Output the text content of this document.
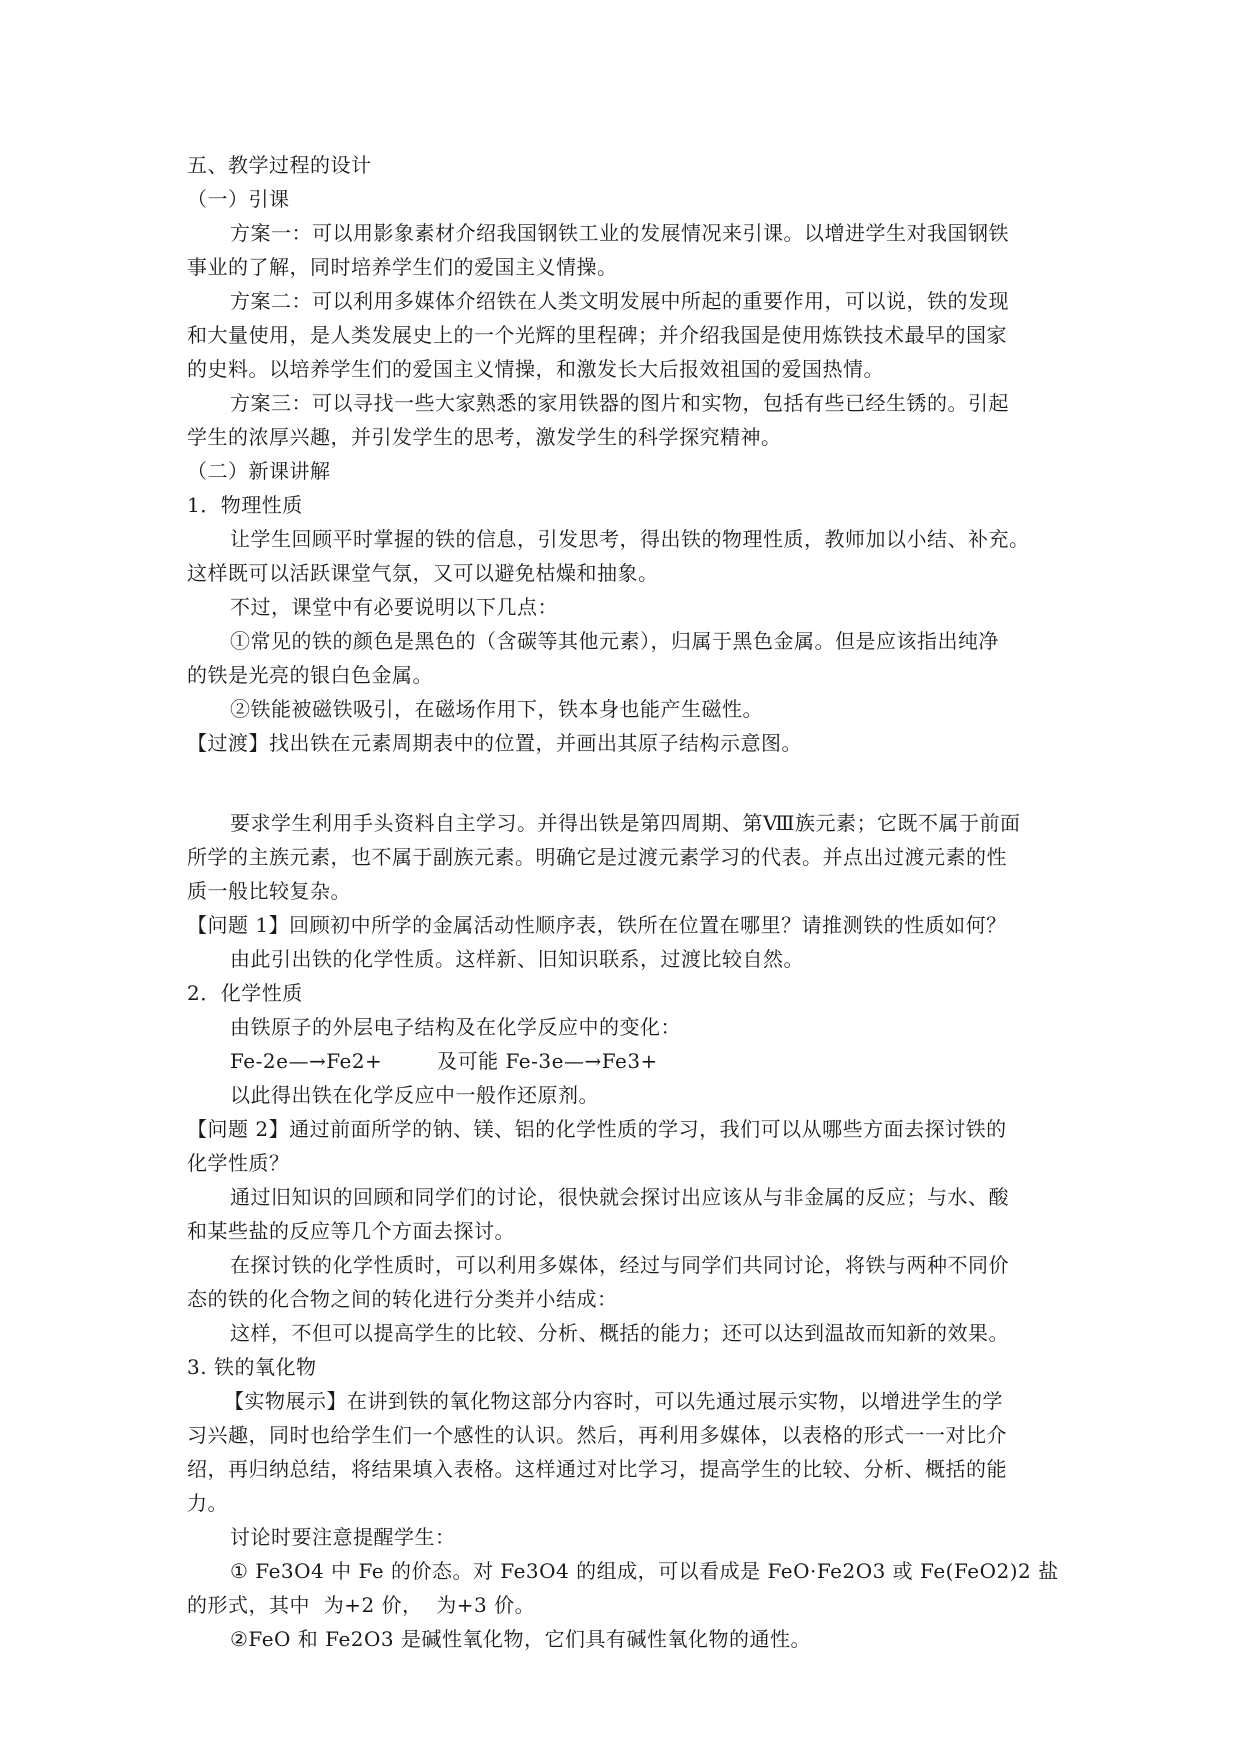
五、教学过程的设计
（一）引课
方案一：可以用影象素材介绍我国钢铁工业的发展情况来引课。以增进学生对我国钢铁
事业的了解，同时培养学生们的爱国主义情操。
方案二：可以利用多媒体介绍铁在人类文明发展中所起的重要作用，可以说，铁的发现
和大量使用，是人类发展史上的一个光辉的里程碑；并介绍我国是使用炼铁技术最早的国家
的史料。以培养学生们的爱国主义情操，和激发长大后报效祖国的爱国热情。
方案三：可以寻找一些大家熟悉的家用铁器的图片和实物，包括有些已经生锈的。引起
学生的浓厚兴趣，并引发学生的思考，激发学生的科学探究精神。
（二）新课讲解
1．物理性质
让学生回顾平时掌握的铁的信息，引发思考，得出铁的物理性质，教师加以小结、补充。
这样既可以活跃课堂气氛，又可以避免枯燥和抽象。
不过，课堂中有必要说明以下几点：
①常见的铁的颜色是黑色的（含碳等其他元素），归属于黑色金属。但是应该指出纯净
的铁是光亮的银白色金属。
②铁能被磁铁吸引，在磁场作用下，铁本身也能产生磁性。
【过渡】找出铁在元素周期表中的位置，并画出其原子结构示意图。
要求学生利用手头资料自主学习。并得出铁是第四周期、第Ⅷ族元素；它既不属于前面
所学的主族元素，也不属于副族元素。明确它是过渡元素学习的代表。并点出过渡元素的性
质一般比较复杂。
【问题 1】回顾初中所学的金属活动性顺序表，铁所在位置在哪里？请推测铁的性质如何？
由此引出铁的化学性质。这样新、旧知识联系，过渡比较自然。
2．化学性质
由铁原子的外层电子结构及在化学反应中的变化：
Fe-2e—→Fe2+        及可能 Fe-3e—→Fe3+
以此得出铁在化学反应中一般作还原剂。
【问题 2】通过前面所学的钠、镁、铝的化学性质的学习，我们可以从哪些方面去探讨铁的
化学性质？
通过旧知识的回顾和同学们的讨论，很快就会探讨出应该从与非金属的反应；与水、酸
和某些盐的反应等几个方面去探讨。
在探讨铁的化学性质时，可以利用多媒体，经过与同学们共同讨论，将铁与两种不同价
态的铁的化合物之间的转化进行分类并小结成：
这样，不但可以提高学生的比较、分析、概括的能力；还可以达到温故而知新的效果。
3. 铁的氧化物
【实物展示】在讲到铁的氧化物这部分内容时，可以先通过展示实物，以增进学生的学
习兴趣，同时也给学生们一个感性的认识。然后，再利用多媒体，以表格的形式一一对比介
绍，再归纳总结，将结果填入表格。这样通过对比学习，提高学生的比较、分析、概括的能
力。
讨论时要注意提醒学生：
① Fe3O4 中 Fe 的价态。对 Fe3O4 的组成，可以看成是 FeO·Fe2O3 或 Fe(FeO2)2 盐
的形式，其中  为+2 价，  为+3 价。
②FeO 和 Fe2O3 是碱性氧化物，它们具有碱性氧化物的通性。
